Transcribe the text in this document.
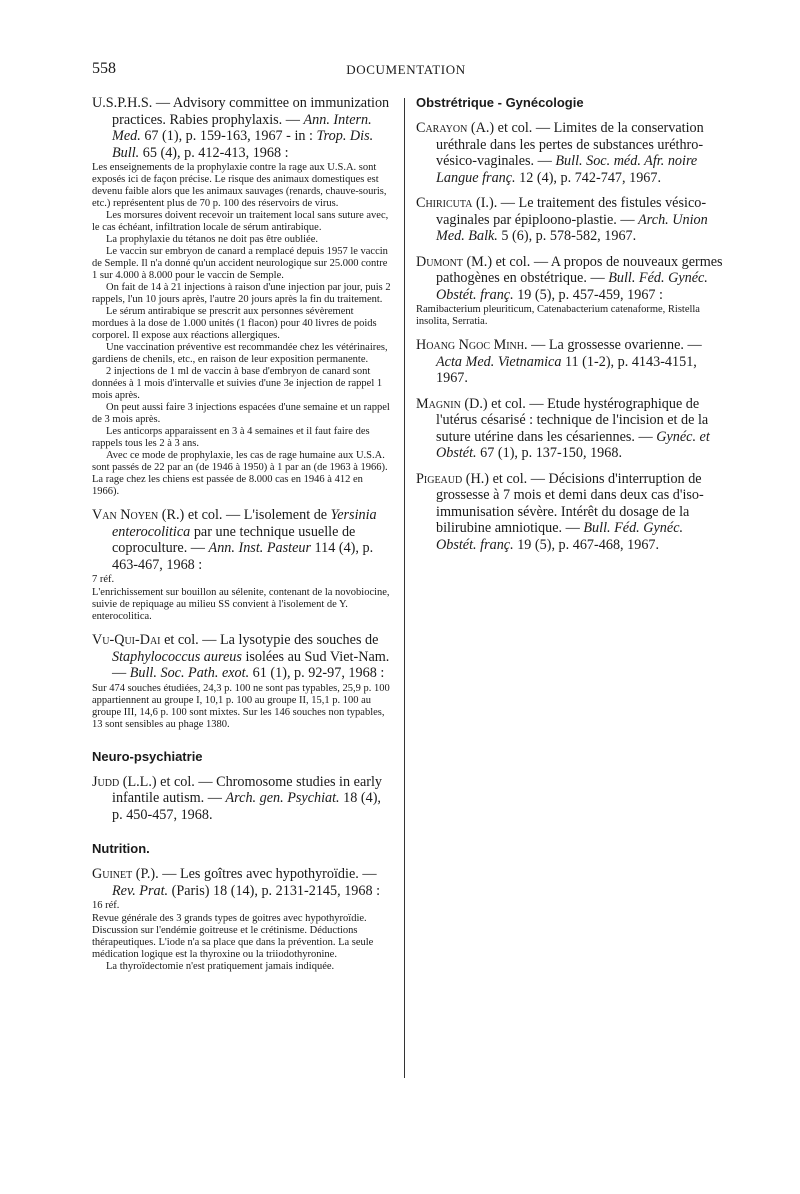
558	DOCUMENTATION

U.S.P.H.S. — Advisory committee on immunization practices. Rabies prophylaxis. — Ann. Intern. Med. 67 (1), p. 159-163, 1967 - in : Trop. Dis. Bull. 65 (4), p. 412-413, 1968 :

Les enseignements de la prophylaxie contre la rage aux U.S.A. sont exposés ici de façon précise. Le risque des animaux domestiques est devenu faible alors que les animaux sauvages (renards, chauve-souris, etc.) représentent plus de 70 p. 100 des réservoirs de virus.

Les morsures doivent recevoir un traitement local sans suture avec, le cas échéant, infiltration locale de sérum antirabique.

La prophylaxie du tétanos ne doit pas être oubliée.

Le vaccin sur embryon de canard a remplacé depuis 1957 le vaccin de Semple. Il n'a donné qu'un accident neurologique sur 25.000 contre 1 sur 4.000 à 8.000 pour le vaccin de Semple.

On fait de 14 à 21 injections à raison d'une injection par jour, puis 2 rappels, l'un 10 jours après, l'autre 20 jours après la fin du traitement.

Le sérum antirabique se prescrit aux personnes sévèrement mordues à la dose de 1.000 unités (1 flacon) pour 40 livres de poids corporel. Il expose aux réactions allergiques.

Une vaccination préventive est recommandée chez les vétérinaires, gardiens de chenils, etc., en raison de leur exposition permanente.

2 injections de 1 ml de vaccin à base d'embryon de canard sont données à 1 mois d'intervalle et suivies d'une 3e injection de rappel 1 mois après.

On peut aussi faire 3 injections espacées d'une semaine et un rappel de 3 mois après.

Les anticorps apparaissent en 3 à 4 semaines et il faut faire des rappels tous les 2 à 3 ans.

Avec ce mode de prophylaxie, les cas de rage humaine aux U.S.A. sont passés de 22 par an (de 1946 à 1950) à 1 par an (de 1963 à 1966). La rage chez les chiens est passée de 8.000 cas en 1946 à 412 en 1966).

Van Noyen (R.) et col. — L'isolement de Yersinia enterocolitica par une technique usuelle de coproculture. — Ann. Inst. Pasteur 114 (4), p. 463-467, 1968 :

7 réf.

L'enrichissement sur bouillon au sélenite, contenant de la novobiocine, suivie de repiquage au milieu SS convient à l'isolement de Y. enterocolitica.

Vu-Qui-Dai et col. — La lysotypie des souches de Staphylococcus aureus isolées au Sud Viet-Nam. — Bull. Soc. Path. exot. 61 (1), p. 92-97, 1968 :

Sur 474 souches étudiées, 24,3 p. 100 ne sont pas typables, 25,9 p. 100 appartiennent au groupe I, 10,1 p. 100 au groupe II, 15,1 p. 100 au groupe III, 14,6 p. 100 sont mixtes. Sur les 146 souches non typables, 13 sont sensibles au phage 1380.

Neuro-psychiatrie

Judd (L.L.) et col. — Chromosome studies in early infantile autism. — Arch. gen. Psychiat. 18 (4), p. 450-457, 1968.

Nutrition.

Guinet (P.). — Les goîtres avec hypothyroïdie. — Rev. Prat. (Paris) 18 (14), p. 2131-2145, 1968 :

16 réf.

Revue générale des 3 grands types de goitres avec hypothyroïdie. Discussion sur l'endémie goitreuse et le crétinisme. Déductions thérapeutiques. L'iode n'a sa place que dans la prévention. La seule médication logique est la thyroxine ou la triiodothyronine.

La thyroïdectomie n'est pratiquement jamais indiquée.

Obstrétrique - Gynécologie

Carayon (A.) et col. — Limites de la conservation uréthrale dans les pertes de substances uréthro-vésico-vaginales. — Bull. Soc. méd. Afr. noire Langue franç. 12 (4), p. 742-747, 1967.

Chiricuta (I.). — Le traitement des fistules vésico-vaginales par épiploono-plastie. — Arch. Union Med. Balk. 5 (6), p. 578-582, 1967.

Dumont (M.) et col. — A propos de nouveaux germes pathogènes en obstétrique. — Bull. Féd. Gynéc. Obstét. franç. 19 (5), p. 457-459, 1967 :

Ramibacterium pleuriticum, Catenabacterium catenaforme, Ristella insolita, Serratia.

Hoang Ngoc Minh. — La grossesse ovarienne. — Acta Med. Vietnamica 11 (1-2), p. 4143-4151, 1967.

Magnin (D.) et col. — Etude hystérographique de l'utérus césarisé : technique de l'incision et de la suture utérine dans les césariennes. — Gynéc. et Obstét. 67 (1), p. 137-150, 1968.

Pigeaud (H.) et col. — Décisions d'interruption de grossesse à 7 mois et demi dans deux cas d'iso-immunisation sévère. Intérêt du dosage de la bilirubine amniotique. — Bull. Féd. Gynéc. Obstét. franç. 19 (5), p. 467-468, 1967.
